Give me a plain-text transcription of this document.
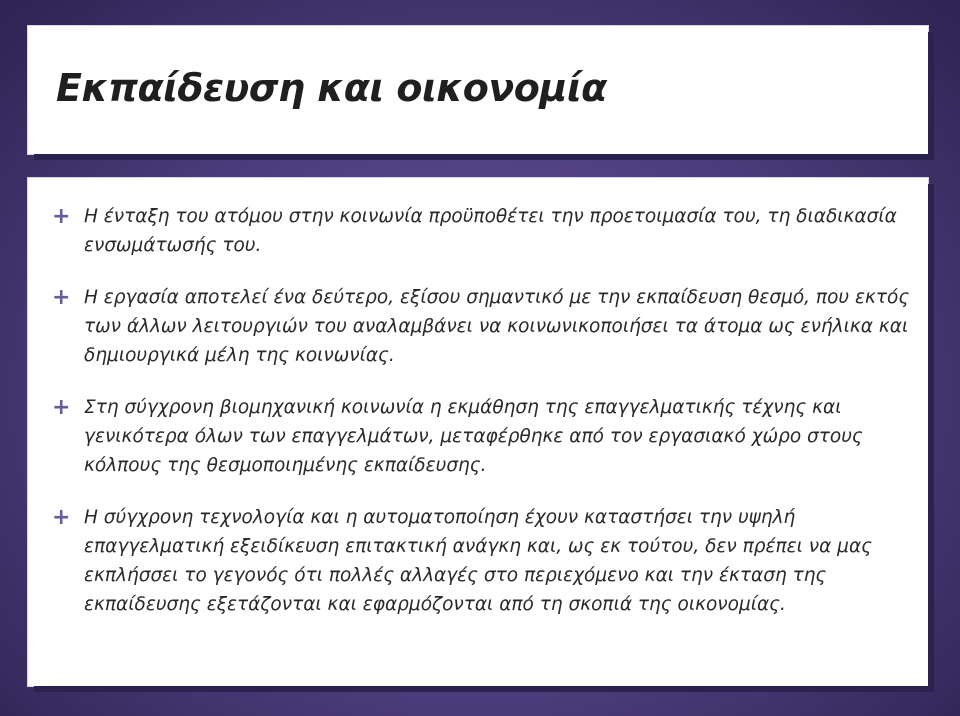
Εκπαίδευση και οικονομία
+ Η ένταξη του ατόμου στην κοινωνία προϋποθέτει την προετοιμασία του, τη διαδικασία ενσωμάτωσής του.
+ Η εργασία αποτελεί ένα δεύτερο, εξίσου σημαντικό με την εκπαίδευση θεσμό, που εκτός των άλλων λειτουργιών του αναλαμβάνει να κοινωνικοποιήσει τα άτομα ως ενήλικα και δημιουργικά μέλη της κοινωνίας.
+ Στη σύγχρονη βιομηχανική κοινωνία η εκμάθηση της επαγγελματικής τέχνης και γενικότερα όλων των επαγγελμάτων, μεταφέρθηκε από τον εργασιακό χώρο στους κόλπους της θεσμοποιημένης εκπαίδευσης.
+ Η σύγχρονη τεχνολογία και η αυτοματοποίηση έχουν καταστήσει την υψηλή επαγγελματική εξειδίκευση επιτακτική ανάγκη και, ως εκ τούτου, δεν πρέπει να μας εκπλήσσει το γεγονός ότι πολλές αλλαγές στο περιεχόμενο και την έκταση της εκπαίδευσης εξετάζονται και εφαρμόζονται από τη σκοπιά της οικονομίας.
